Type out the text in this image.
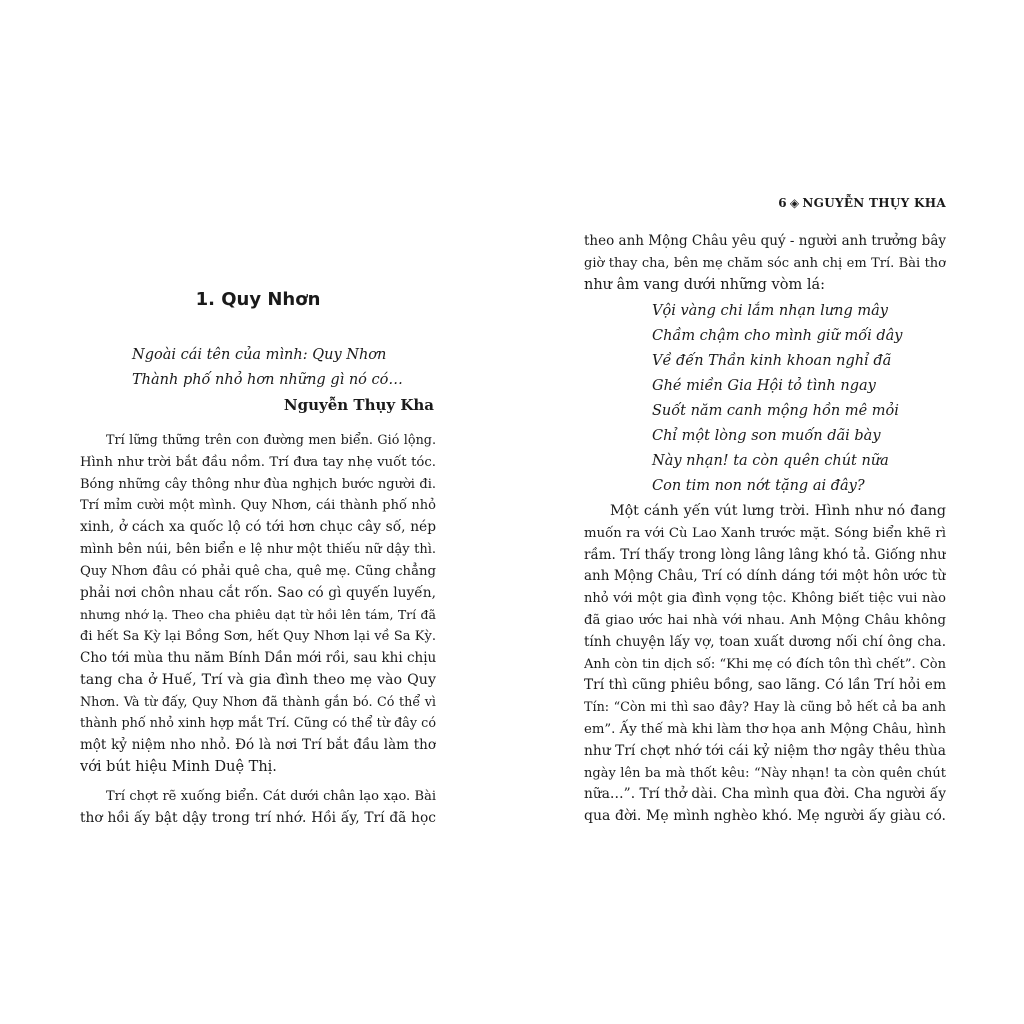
1. Quy Nhơn
Ngoài cái tên của mình: Quy Nhơn
Thành phố nhỏ hơn những gì nó có…
Nguyễn Thụy Kha
Trí lững thững trên con đường men biển. Gió lộng.
Hình như trời bắt đầu nồm. Trí đưa tay nhẹ vuốt tóc.
Bóng những cây thông như đùa nghịch bước người đi.
Trí mỉm cười một mình. Quy Nhơn, cái thành phố nhỏ
xinh, ở cách xa quốc lộ có tới hơn chục cây số, nép
mình bên núi, bên biển e lệ như một thiếu nữ dậy thì.
Quy Nhơn đâu có phải quê cha, quê mẹ. Cũng chẳng
phải nơi chôn nhau cắt rốn. Sao có gì quyến luyến,
nhưng nhớ lạ. Theo cha phiêu dạt từ hồi lên tám, Trí đã
đi hết Sa Kỳ lại Bồng Sơn, hết Quy Nhơn lại về Sa Kỳ.
Cho tới mùa thu năm Bính Dần mới rồi, sau khi chịu
tang cha ở Huế, Trí và gia đình theo mẹ vào Quy
Nhơn. Và từ đấy, Quy Nhơn đã thành gắn bó. Có thể vì
thành phố nhỏ xinh hợp mắt Trí. Cũng có thể từ đây có
một kỷ niệm nho nhỏ. Đó là nơi Trí bắt đầu làm thơ
với bút hiệu Minh Duệ Thị.
Trí chợt rẽ xuống biển. Cát dưới chân lạo xạo. Bài
thơ hồi ấy bật dậy trong trí nhớ. Hồi ấy, Trí đã học
6 ◈ NGUYỄN THỤY KHA
theo anh Mộng Châu yêu quý - người anh trưởng bây
giờ thay cha, bên mẹ chăm sóc anh chị em Trí. Bài thơ
như âm vang dưới những vòm lá:
Vội vàng chi lắm nhạn lưng mây
Chầm chậm cho mình giữ mối dây
Về đến Thần kinh khoan nghỉ đã
Ghé miền Gia Hội tỏ tình ngay
Suốt năm canh mộng hồn mê mỏi
Chỉ một lòng son muốn dãi bày
Này nhạn! ta còn quên chút nữa
Con tim non nớt tặng ai đây?
Một cánh yến vút lưng trời. Hình như nó đang
muốn ra với Cù Lao Xanh trước mặt. Sóng biển khẽ rì
rầm. Trí thấy trong lòng lâng lâng khó tả. Giống như
anh Mộng Châu, Trí có dính dáng tới một hôn ước từ
nhỏ với một gia đình vọng tộc. Không biết tiệc vui nào
đã giao ước hai nhà với nhau. Anh Mộng Châu không
tính chuyện lấy vợ, toan xuất dương nối chí ông cha.
Anh còn tin dịch số: “Khi mẹ có đích tôn thì chết”. Còn
Trí thì cũng phiêu bồng, sao lãng. Có lần Trí hỏi em
Tín: “Còn mi thì sao đây? Hay là cũng bỏ hết cả ba anh
em”. Ấy thế mà khi làm thơ họa anh Mộng Châu, hình
như Trí chợt nhớ tới cái kỷ niệm thơ ngây thêu thùa
ngày lên ba mà thốt kêu: “Này nhạn! ta còn quên chút
nữa…”. Trí thở dài. Cha mình qua đời. Cha người ấy
qua đời. Mẹ mình nghèo khó. Mẹ người ấy giàu có.
